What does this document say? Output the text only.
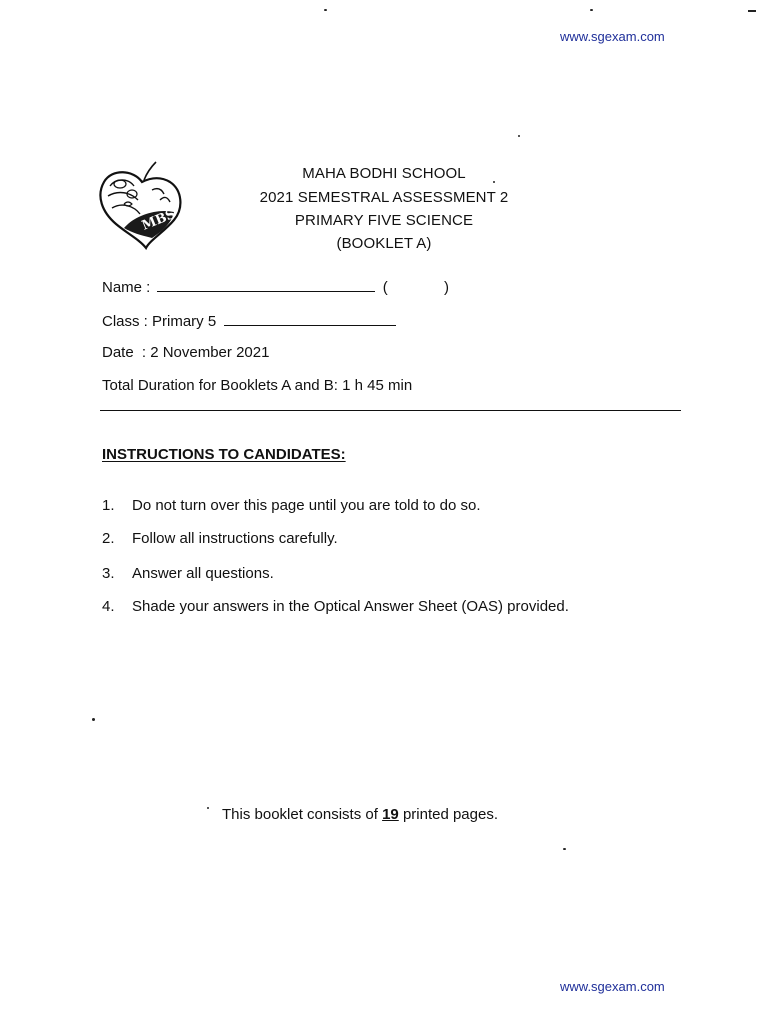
www.sgexam.com
MBS
MAHA BODHI SCHOOL
2021 SEMESTRAL ASSESSMENT 2
PRIMARY FIVE SCIENCE
(BOOKLET A)
Name :	(	)
Class : Primary 5
Date : 2 November 2021
Total Duration for Booklets A and B: 1 h 45 min
INSTRUCTIONS TO CANDIDATES:
1. Do not turn over this page until you are told to do so.
2. Follow all instructions carefully.
3. Answer all questions.
4. Shade your answers in the Optical Answer Sheet (OAS) provided.
This booklet consists of 19 printed pages.
www.sgexam.com
